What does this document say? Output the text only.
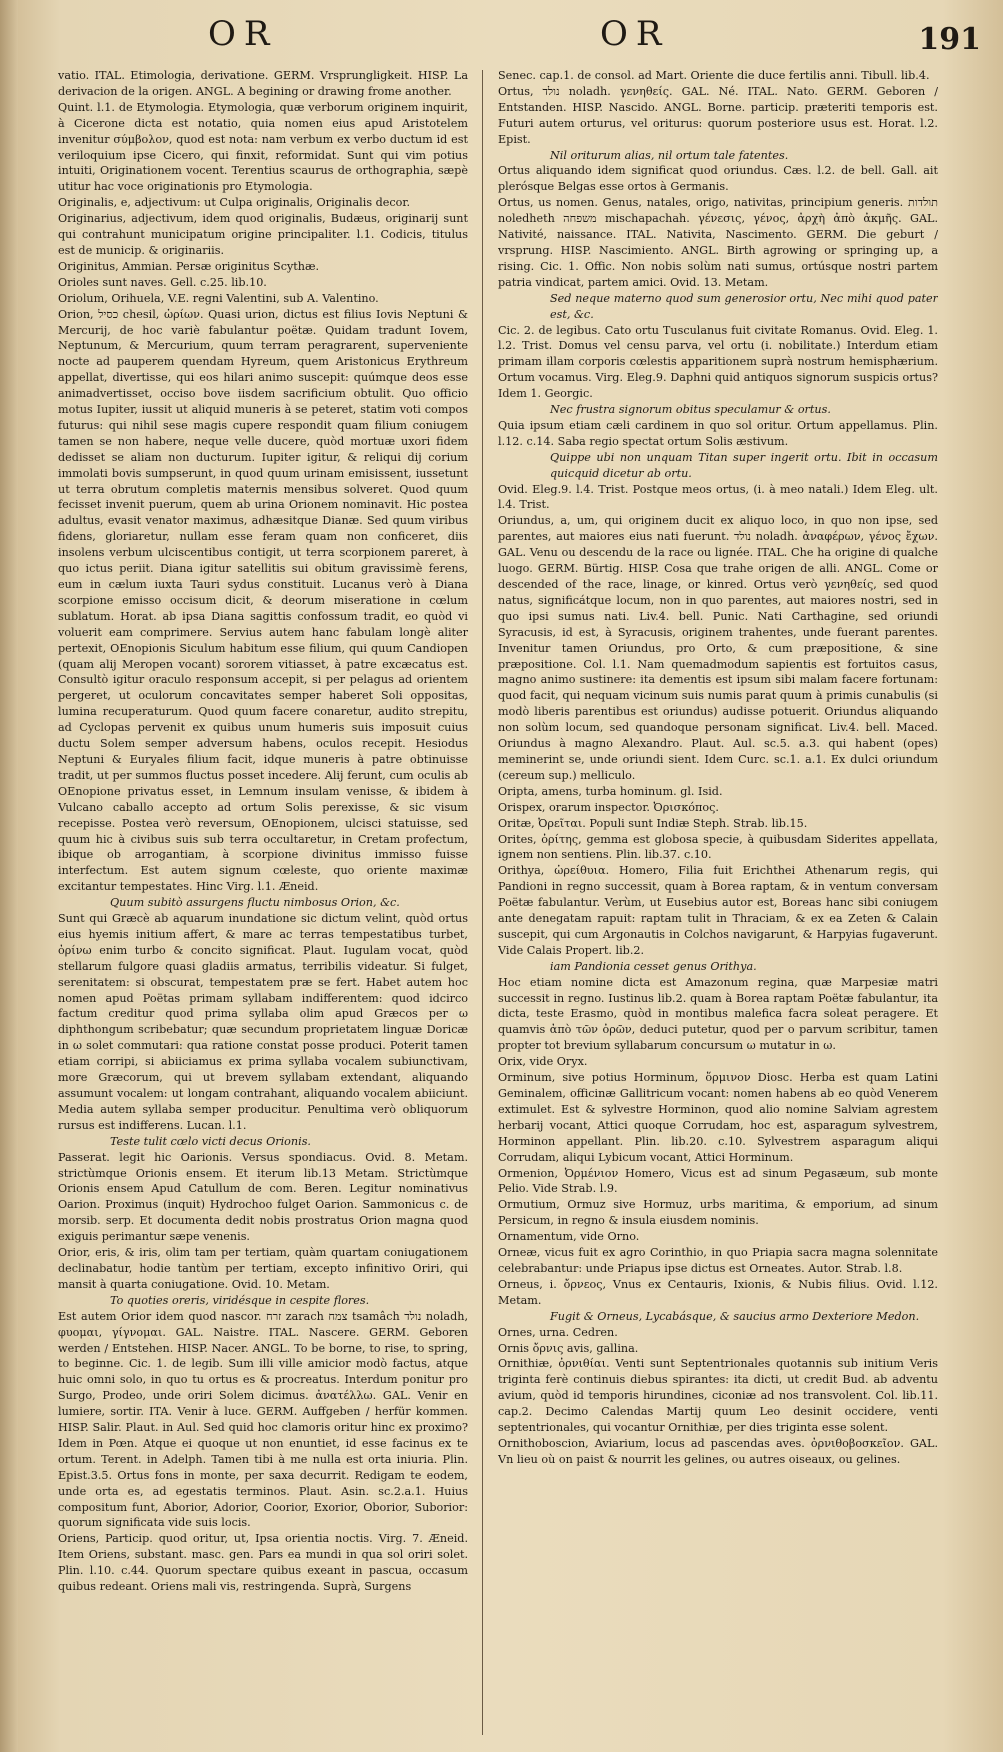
OR	OR	191

vatio. ITAL. Etimologia, derivatione. GERM. Vrsprungligkeit. HISP. La derivacion de la origen. ANGL. A begining or drawing frome another.

Quint. l.1. de Etymologia. Etymologia, quæ verborum originem inquirit, à Cicerone dicta est notatio, quia nomen eius apud Aristotelem invenitur σύμβολον, quod est nota: nam verbum ex verbo ductum id est veriloquium ipse Cicero, qui finxit, reformidat. Sunt qui vim potius intuiti, Originationem vocent. Terentius scaurus de orthographia, sæpè utitur hac voce originationis pro Etymologia.

Originalis, e, adjectivum: ut Culpa originalis, Originalis decor.

Originarius, adjectivum, idem quod originalis, Budæus, originarij sunt qui contrahunt municipatum origine principaliter. l.1. Codicis, titulus est de municip. & originariis.

Originitus, Ammian. Persæ originitus Scythæ.

Orioles sunt naves. Gell. c.25. lib.10.

Oriolum, Orihuela, V.E. regni Valentini, sub A. Valentino.

Orion, כסיל chesil, ὠρίων. Quasi urion, dictus est filius Iovis Neptuni & Mercurij, de hoc variè fabulantur poëtæ. Quidam tradunt Iovem, Neptunum, & Mercurium, quum terram peragrarent, superveniente nocte ad pauperem quendam Hyreum, quem Aristonicus Erythreum appellat, divertisse, qui eos hilari animo suscepit: quúmque deos esse animadvertisset, occiso bove iisdem sacrificium obtulit. Quo officio motus Iupiter, iussit ut aliquid muneris à se peteret, statim voti compos futurus: qui nihil sese magis cupere respondit quam filium coniugem tamen se non habere, neque velle ducere, quòd mortuæ uxori fidem dedisset se aliam non ducturum. Iupiter igitur, & reliqui dij corium immolati bovis sumpserunt, in quod quum urinam emisissent, iussetunt ut terra obrutum completis maternis mensibus solveret. Quod quum fecisset invenit puerum, quem ab urina Orionem nominavit. Hic postea adultus, evasit venator maximus, adhæsitque Dianæ. Sed quum viribus fidens, gloriaretur, nullam esse feram quam non conficeret, diis insolens verbum ulciscentibus contigit, ut terra scorpionem pareret, à quo ictus periit. Diana igitur satellitis sui obitum gravissimè ferens, eum in cælum iuxta Tauri sydus constituit. Lucanus verò à Diana scorpione emisso occisum dicit, & deorum miseratione in cœlum sublatum. Horat. ab ipsa Diana sagittis confossum tradit, eo quòd vi voluerit eam comprimere. Servius autem hanc fabulam longè aliter pertexit, OEnopionis Siculum habitum esse filium, qui quum Candiopen (quam alij Meropen vocant) sororem vitiasset, à patre excæcatus est. Consultò igitur oraculo responsum accepit, si per pelagus ad orientem pergeret, ut oculorum concavitates semper haberet Soli oppositas, lumina recuperaturum. Quod quum facere conaretur, audito strepitu, ad Cyclopas pervenit ex quibus unum humeris suis imposuit cuius ductu Solem semper adversum habens, oculos recepit. Hesiodus Neptuni & Euryales filium facit, idque muneris à patre obtinuisse tradit, ut per summos fluctus posset incedere. Alij ferunt, cum oculis ab OEnopione privatus esset, in Lemnum insulam venisse, & ibidem à Vulcano caballo accepto ad ortum Solis perexisse, & sic visum recepisse. Postea verò reversum, OEnopionem, ulcisci statuisse, sed quum hic à civibus suis sub terra occultaretur, in Cretam profectum, ibique ob arrogantiam, à scorpione divinitus immisso fuisse interfectum. Est autem signum cœleste, quo oriente maximæ excitantur tempestates. Hinc Virg. l.1. Æneid.

Quum subitò assurgens fluctu nimbosus Orion, &c.

Sunt qui Græcè ab aquarum inundatione sic dictum velint, quòd ortus eius hyemis initium affert, & mare ac terras tempestatibus turbet, ὀρίνω enim turbo & concito significat. Plaut. Iugulam vocat, quòd stellarum fulgore quasi gladiis armatus, terribilis videatur. Si fulget, serenitatem: si obscurat, tempestatem præ se fert. Habet autem hoc nomen apud Poëtas primam syllabam indifferentem: quod idcirco factum creditur quod prima syllaba olim apud Græcos per ω diphthongum scribebatur; quæ secundum proprietatem linguæ Doricæ in ω solet commutari: qua ratione constat posse produci. Poterit tamen etiam corripi, si abiiciamus ex prima syllaba vocalem subiunctivam, more Græcorum, qui ut brevem syllabam extendant, aliquando assumunt vocalem: ut longam contrahant, aliquando vocalem abiiciunt. Media autem syllaba semper producitur. Penultima verò obliquorum rursus est indifferens. Lucan. l.1.

Teste tulit cœlo victi decus Orionis.

Passerat. legit hic Oarionis. Versus spondiacus. Ovid. 8. Metam. strictùmque Orionis ensem. Et iterum lib.13 Metam. Strictùmque Orionis ensem Apud Catullum de com. Beren. Legitur nominativus Oarion. Proximus (inquit) Hydrochoo fulget Oarion. Sammonicus c. de morsib. serp. Et documenta dedit nobis prostratus Orion magna quod exiguis perimantur sæpe venenis.

Orior, eris, & iris, olim tam per tertiam, quàm quartam coniugationem declinabatur, hodie tantùm per tertiam, excepto infinitivo Oriri, qui mansit à quarta coniugatione. Ovid. 10. Metam.

To quoties oreris, viridésque in cespite flores.

Est autem Orior idem quod nascor. זרח zarach צמח tsamâch נולד noladh, φυομαι, γίγνομαι. GAL. Naistre. ITAL. Nascere. GERM. Geboren werden / Entstehen. HISP. Nacer. ANGL. To be borne, to rise, to spring, to beginne. Cic. 1. de legib. Sum illi ville amicior modò factus, atque huic omni solo, in quo tu ortus es & procreatus. Interdum ponitur pro Surgo, Prodeo, unde oriri Solem dicimus. ἀνατέλλω. GAL. Venir en lumiere, sortir. ITA. Venir à luce. GERM. Auffgeben / herfür kommen. HISP. Salir. Plaut. in Aul. Sed quid hoc clamoris oritur hinc ex proximo? Idem in Pœn. Atque ei quoque ut non enuntiet, id esse facinus ex te ortum. Terent. in Adelph. Tamen tibi à me nulla est orta iniuria. Plin. Epist.3.5. Ortus fons in monte, per saxa decurrit. Redigam te eodem, unde orta es, ad egestatis terminos. Plaut. Asin. sc.2.a.1. Huius compositum funt, Aborior, Adorior, Coorior, Exorior, Oborior, Suborior: quorum significata vide suis locis.

Oriens, Particip. quod oritur, ut, Ipsa orientia noctis. Virg. 7. Æneid. Item Oriens, substant. masc. gen. Pars ea mundi in qua sol oriri solet. Plin. l.10. c.44. Quorum spectare quibus exeant in pascua, occasum quibus redeant. Oriens mali vis, restringenda. Suprà, Surgens

Senec. cap.1. de consol. ad Mart. Oriente die duce fertilis anni. Tibull. lib.4.

Ortus, נולד noladh. γενηθείς. GAL. Né. ITAL. Nato. GERM. Geboren / Entstanden. HISP. Nascido. ANGL. Borne. particip. præteriti temporis est. Futuri autem orturus, vel oriturus: quorum posteriore usus est. Horat. l.2. Epist.

Nil oriturum alias, nil ortum tale fatentes.

Ortus aliquando idem significat quod oriundus. Cæs. l.2. de bell. Gall. ait plerósque Belgas esse ortos à Germanis.

Ortus, us nomen. Genus, natales, origo, nativitas, principium generis. תולדות noledheth משפחה mischapachah. γένεσις, γένος, ἀρχὴ ἀπὸ ἀκμῆς. GAL. Nativité, naissance. ITAL. Nativita, Nascimento. GERM. Die geburt / vrsprung. HISP. Nascimiento. ANGL. Birth agrowing or springing up, a rising. Cic. 1. Offic. Non nobis solùm nati sumus, ortúsque nostri partem patria vindicat, partem amici. Ovid. 13. Metam.

Sed neque materno quod sum generosior ortu, Nec mihi quod pater est, &c.

Cic. 2. de legibus. Cato ortu Tusculanus fuit civitate Romanus. Ovid. Eleg. 1. l.2. Trist. Domus vel censu parva, vel ortu (i. nobilitate.) Interdum etiam primam illam corporis cœlestis apparitionem suprà nostrum hemisphærium. Ortum vocamus. Virg. Eleg.9. Daphni quid antiquos signorum suspicis ortus? Idem 1. Georgic.

Nec frustra signorum obitus speculamur & ortus.

Quia ipsum etiam cæli cardinem in quo sol oritur. Ortum appellamus. Plin. l.12. c.14. Saba regio spectat ortum Solis æstivum.

Quippe ubi non unquam Titan super ingerit ortu. Ibit in occasum quicquid dicetur ab ortu.

Ovid. Eleg.9. l.4. Trist. Postque meos ortus, (i. à meo natali.) Idem Eleg. ult. l.4. Trist.

Oriundus, a, um, qui originem ducit ex aliquo loco, in quo non ipse, sed parentes, aut maiores eius nati fuerunt. נולד noladh. ἀναφέρων, γένος ἔχων. GAL. Venu ou descendu de la race ou lignée. ITAL. Che ha origine di qualche luogo. GERM. Bürtig. HISP. Cosa que trahe origen de alli. ANGL. Come or descended of the race, linage, or kinred. Ortus verò γενηθείς, sed quod natus, significátque locum, non in quo parentes, aut maiores nostri, sed in quo ipsi sumus nati. Liv.4. bell. Punic. Nati Carthagine, sed oriundi Syracusis, id est, à Syracusis, originem trahentes, unde fuerant parentes. Invenitur tamen Oriundus, pro Orto, & cum præpositione, & sine præpositione. Col. l.1. Nam quemadmodum sapientis est fortuitos casus, magno animo sustinere: ita dementis est ipsum sibi malam facere fortunam: quod facit, qui nequam vicinum suis numis parat quum à primis cunabulis (si modò liberis parentibus est oriundus) audisse potuerit. Oriundus aliquando non solùm locum, sed quandoque personam significat. Liv.4. bell. Maced. Oriundus à magno Alexandro. Plaut. Aul. sc.5. a.3. qui habent (opes) meminerint se, unde oriundi sient. Idem Curc. sc.1. a.1. Ex dulci oriundum (cereum sup.) melliculo.

Oripta, amens, turba hominum. gl. Isid.

Orispex, orarum inspector. Ὀρισκόπος.

Oritæ, Ὀρεῖται. Populi sunt Indiæ Steph. Strab. lib.15.

Orites, ὀρίτης, gemma est globosa specie, à quibusdam Siderites appellata, ignem non sentiens. Plin. lib.37. c.10.

Orithya, ὠρείθυια. Homero, Filia fuit Erichthei Athenarum regis, qui Pandioni in regno successit, quam à Borea raptam, & in ventum conversam Poëtæ fabulantur. Verùm, ut Eusebius autor est, Boreas hanc sibi coniugem ante denegatam rapuit: raptam tulit in Thraciam, & ex ea Zeten & Calain suscepit, qui cum Argonautis in Colchos navigarunt, & Harpyias fugaverunt. Vide Calais Propert. lib.2.

iam Pandionia cesset genus Orithya.

Hoc etiam nomine dicta est Amazonum regina, quæ Marpesiæ matri successit in regno. Iustinus lib.2. quam à Borea raptam Poëtæ fabulantur, ita dicta, teste Erasmo, quòd in montibus malefica facra soleat peragere. Et quamvis ἀπὸ τῶν ὀρῶν, deduci putetur, quod per o parvum scribitur, tamen propter tot brevium syllabarum concursum ω mutatur in ω.

Orix, vide Oryx.

Orminum, sive potius Horminum, ὅρμινον Diosc. Herba est quam Latini Geminalem, officinæ Gallitricum vocant: nomen habens ab eo quòd Venerem extimulet. Est & sylvestre Horminon, quod alio nomine Salviam agrestem herbarij vocant, Attici quoque Corrudam, hoc est, asparagum sylvestrem, Horminon appellant. Plin. lib.20. c.10. Sylvestrem asparagum aliqui Corrudam, aliqui Lybicum vocant, Attici Horminum.

Ormenion, Ὀρμένιον Homero, Vicus est ad sinum Pegasæum, sub monte Pelio. Vide Strab. l.9.

Ormutium, Ormuz sive Hormuz, urbs maritima, & emporium, ad sinum Persicum, in regno & insula eiusdem nominis.

Ornamentum, vide Orno.

Orneæ, vicus fuit ex agro Corinthio, in quo Priapia sacra magna solennitate celebrabantur: unde Priapus ipse dictus est Orneates. Autor. Strab. l.8.

Orneus, i. ὄρνεος, Vnus ex Centauris, Ixionis, & Nubis filius. Ovid. l.12. Metam.

Fugit & Orneus, Lycabásque, & saucius armo Dexteriore Medon.

Ornes, urna. Cedren.

Ornis ὄρνις avis, gallina.

Ornithiæ, ὀρνιθίαι. Venti sunt Septentrionales quotannis sub initium Veris triginta ferè continuis diebus spirantes: ita dicti, ut credit Bud. ab adventu avium, quòd id temporis hirundines, ciconiæ ad nos transvolent. Col. lib.11. cap.2. Decimo Calendas Martij quum Leo desinit occidere, venti septentrionales, qui vocantur Ornithiæ, per dies triginta esse solent.

Ornithoboscion, Aviarium, locus ad pascendas aves. ὀρνιθοβοσκεῖον. GAL. Vn lieu où on paist & nourrit les gelines, ou autres oiseaux, ou gelines.
